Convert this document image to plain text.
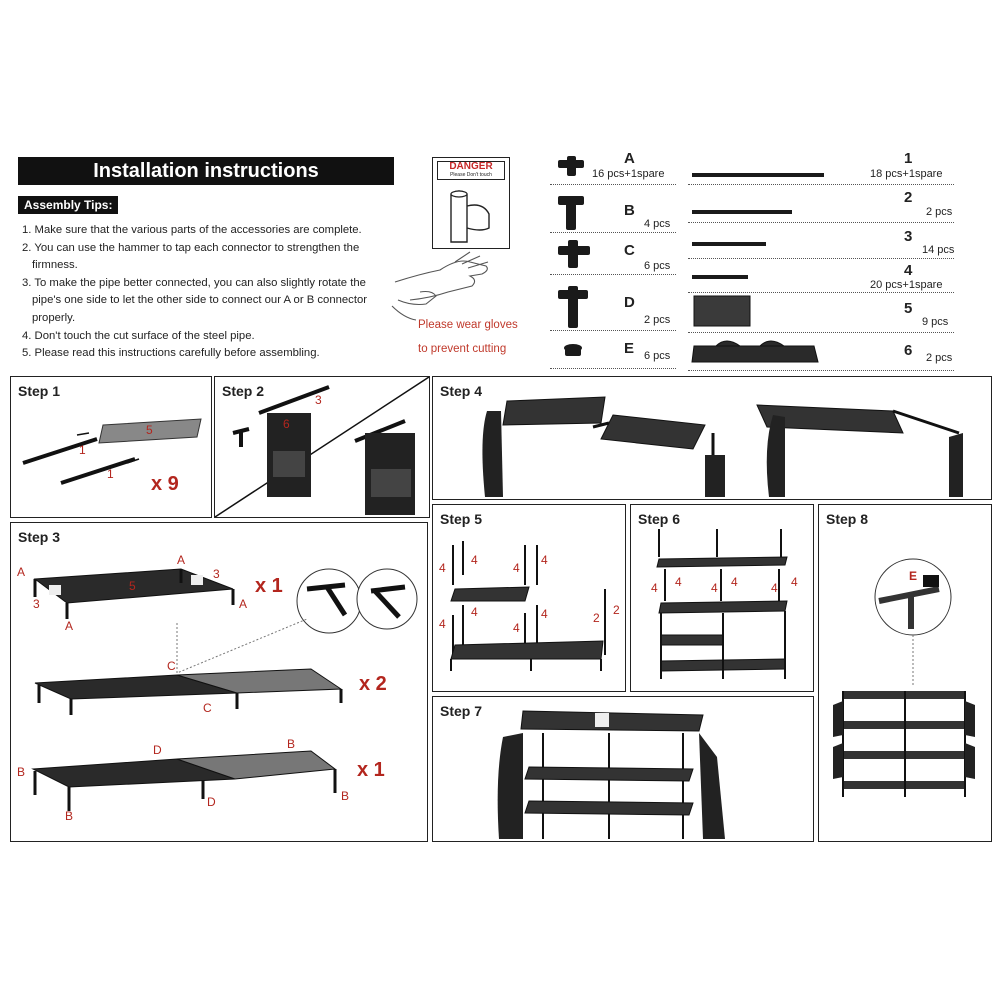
Installation instructions
Assembly Tips:
1. Make sure that the various parts of the accessories are complete.
2. You can use the hammer to tap each connector to strengthen the
firmness.
3. To make the pipe better connected, you can also slightly rotate the
pipe's one side to let the other side to connect our A or B connector
properly.
4. Don't touch the cut surface of the steel pipe.
5. Please read this instructions carefully before assembling.
DANGER
Please Don't touch
Please wear gloves
to prevent cutting
A
16 pcs+1spare
B
4 pcs
C
6 pcs
D
2 pcs
E 6 pcs
1
18 pcs+1spare
2
2 pcs
3
14 pcs
4
20 pcs+1spare
5
9 pcs
6 2 pcs
Step 1
5
1
1 x 9
Step 2
3
6
Step 3
A
A
A
A
3
3
5	x 1
C
C
x 2
B
B
B
B
D
D
x 1
Step 4
Step 5
4
4
4
4
4
4
4
4	2
2
Step 6
4 4 4 4	4 4
Step 7
Step 8
E
